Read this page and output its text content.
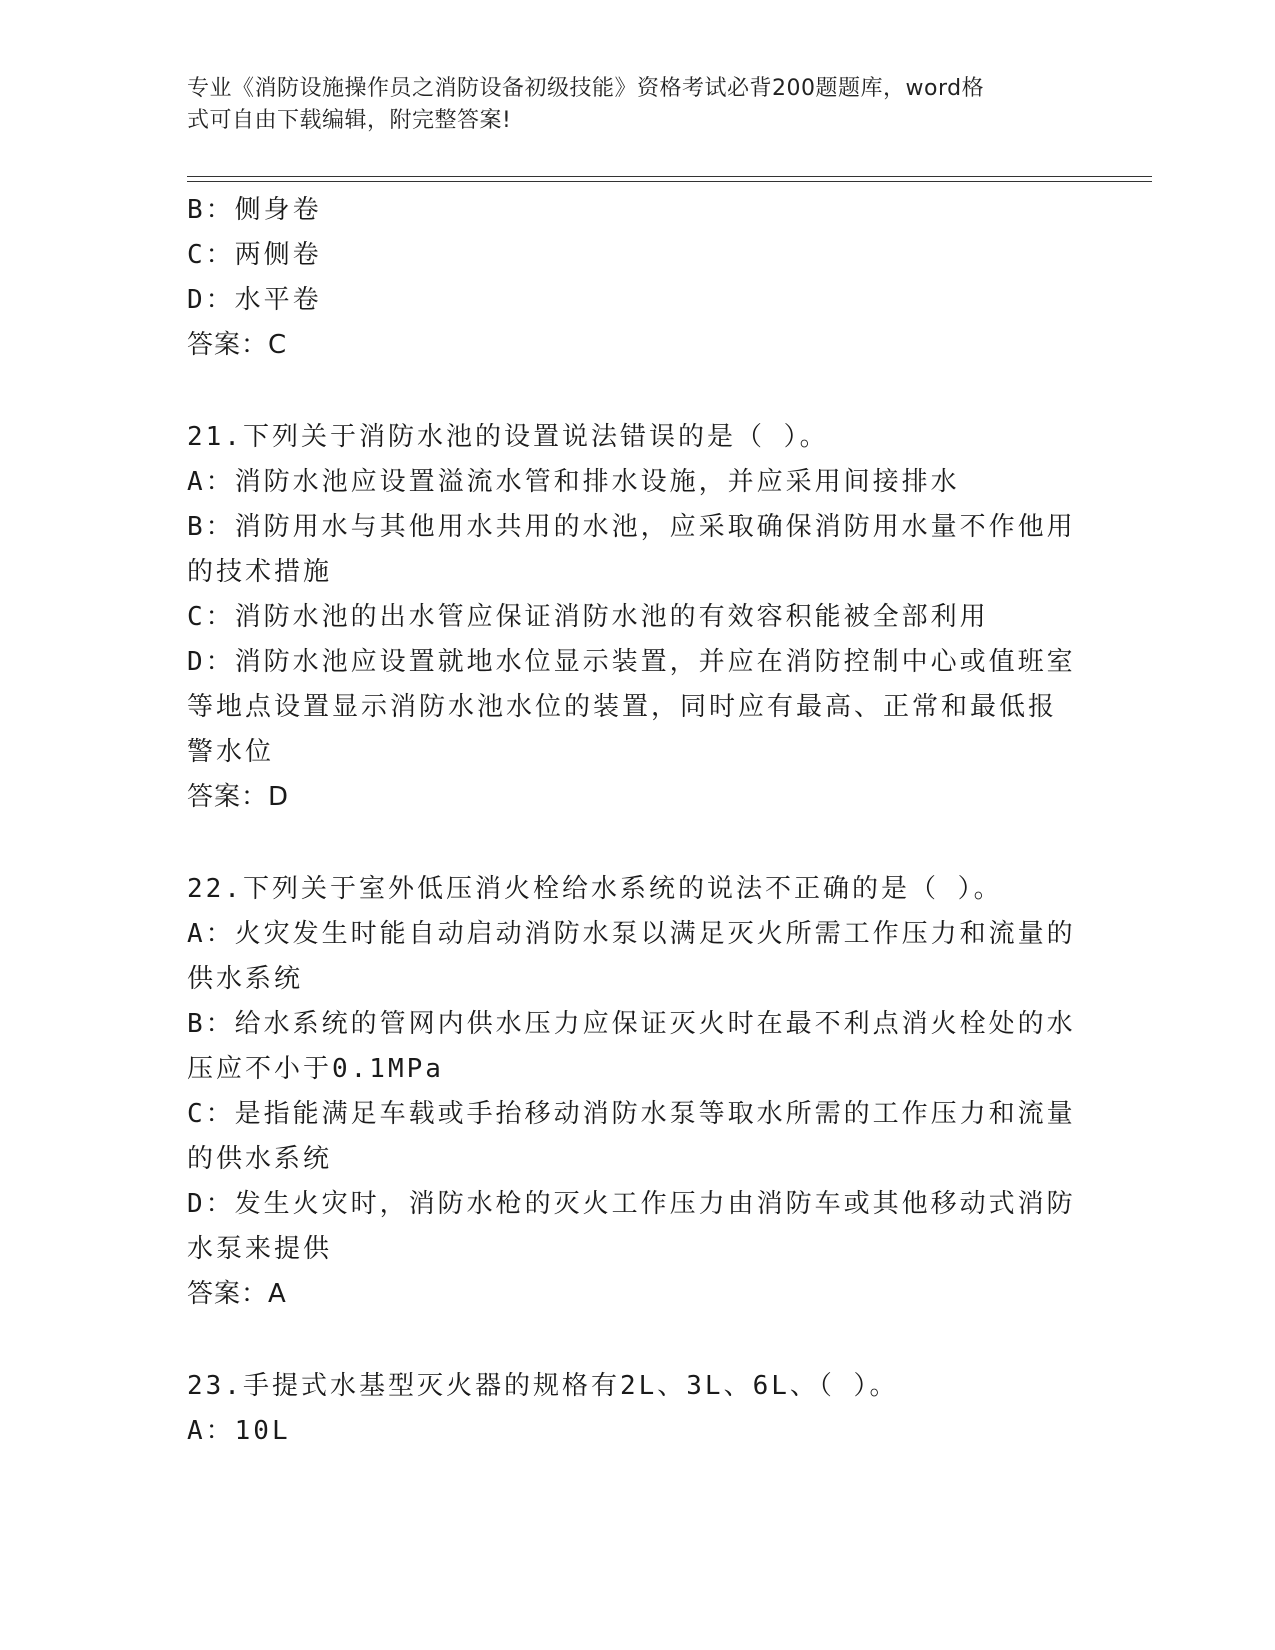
专业《消防设施操作员之消防设备初级技能》资格考试必背200题题库，word格
式可自由下载编辑，附完整答案!

B：侧身卷

C：两侧卷

D：水平卷

答案：C

21.下列关于消防水池的设置说法错误的是（ ）。

A：消防水池应设置溢流水管和排水设施，并应采用间接排水

B：消防用水与其他用水共用的水池，应采取确保消防用水量不作他用的技术措施

C：消防水池的出水管应保证消防水池的有效容积能被全部利用

D：消防水池应设置就地水位显示装置，并应在消防控制中心或值班室等地点设置显示消防水池水位的装置，同时应有最高、正常和最低报警水位

答案：D

22.下列关于室外低压消火栓给水系统的说法不正确的是（ ）。

A：火灾发生时能自动启动消防水泵以满足灭火所需工作压力和流量的供水系统

B：给水系统的管网内供水压力应保证灭火时在最不利点消火栓处的水压应不小于0.1MPa

C：是指能满足车载或手抬移动消防水泵等取水所需的工作压力和流量的供水系统

D：发生火灾时，消防水枪的灭火工作压力由消防车或其他移动式消防水泵来提供

答案：A

23.手提式水基型灭火器的规格有2L、3L、6L、（ ）。

A：10L
